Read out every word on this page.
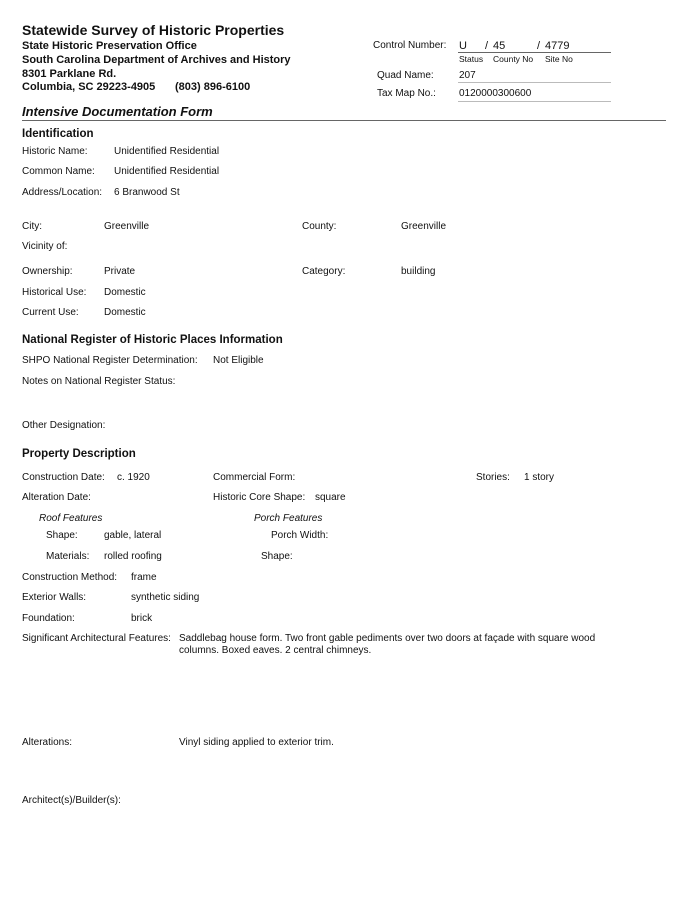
Statewide Survey of Historic Properties
State Historic Preservation Office
South Carolina Department of Archives and History
8301 Parklane Rd.
Columbia, SC 29223-4905 (803) 896-6100
Control Number: U / 45	/ 4779
Status County No Site No
Quad Name:	207
Tax Map No.: 0120000300600
Intensive Documentation Form
Identification
Historic Name:	Unidentified Residential
Common Name: Unidentified Residential
Address/Location: 6 Branwood St
City:	Greenville	County:	Greenville
Vicinity of:
Ownership:	Private	Category:	building
Historical Use: Domestic
Current Use:	Domestic
National Register of Historic Places Information
SHPO National Register Determination: Not Eligible
Notes on National Register Status:
Other Designation:
Property Description
Construction Date: c. 1920	Commercial Form:	Stories: 1 story
Alteration Date:	Historic Core Shape: square
Roof Features	Porch Features
Shape:	gable, lateral	Porch Width:
Materials: rolled roofing	Shape:
Construction Method: frame
Exterior Walls:	synthetic siding
Foundation:	brick
Significant Architectural Features: Saddlebag house form. Two front gable pediments over two doors at façade with square wood columns. Boxed eaves. 2 central chimneys.
Alterations:	Vinyl siding applied to exterior trim.
Architect(s)/Builder(s):
